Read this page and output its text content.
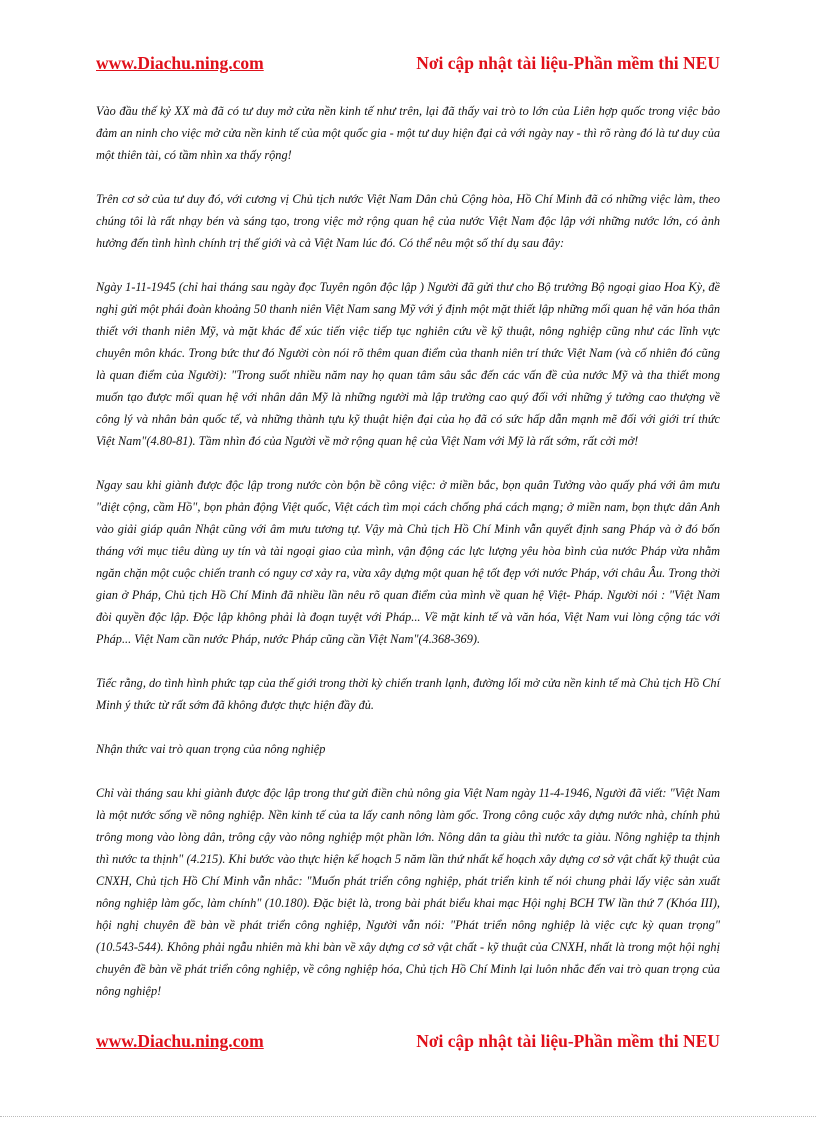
www.Diachu.ning.com	Nơi cập nhật tài liệu-Phần mềm thi NEU

Vào đầu thế kỷ XX mà đã có tư duy mở cửa nền kinh tế như trên, lại đã thấy vai trò to lớn của Liên hợp quốc trong việc bảo đảm an ninh cho việc mở cửa nền kinh tế của một quốc gia - một tư duy hiện đại cả với ngày nay - thì rõ ràng đó là tư duy của một thiên tài, có tầm nhìn xa thấy rộng!

Trên cơ sở của tư duy đó, với cương vị Chủ tịch nước Việt Nam Dân chủ Cộng hòa, Hồ Chí Minh đã có những việc làm, theo chúng tôi là rất nhạy bén và sáng tạo, trong việc mở rộng quan hệ của nước Việt Nam độc lập với những nước lớn, có ảnh hưởng đến tình hình chính trị thế giới và cả Việt Nam lúc đó. Có thể nêu một số thí dụ sau đây:

Ngày 1-11-1945 (chỉ hai tháng sau ngày đọc Tuyên ngôn độc lập ) Người đã gửi thư cho Bộ trưởng Bộ ngoại giao Hoa Kỳ, đề nghị gửi một phái đoàn khoảng 50 thanh niên Việt Nam sang Mỹ với ý định một mặt thiết lập những mối quan hệ văn hóa thân thiết với thanh niên Mỹ, và mặt khác để xúc tiến việc tiếp tục nghiên cứu về kỹ thuật, nông nghiệp cũng như các lĩnh vực chuyên môn khác. Trong bức thư đó Người còn nói rõ thêm quan điểm của thanh niên trí thức Việt Nam (và cố nhiên đó cũng là quan điểm của Người): "Trong suốt nhiều năm nay họ quan tâm sâu sắc đến các vấn đề của nước Mỹ và tha thiết mong muốn tạo được mối quan hệ với nhân dân Mỹ là những người mà lập trường cao quý đối với những ý tưởng cao thượng về công lý và nhân bản quốc tế, và những thành tựu kỹ thuật hiện đại của họ đã có sức hấp dẫn mạnh mẽ đối với giới trí thức Việt Nam"(4.80-81). Tầm nhìn đó của Người về mở rộng quan hệ của Việt Nam với Mỹ là rất sớm, rất cởi mở!

Ngay sau khi giành được độc lập trong nước còn bộn bề công việc: ở miền bắc, bọn quân Tưởng vào quấy phá với âm mưu "diệt cộng, cầm Hồ", bọn phản động Việt quốc, Việt cách tìm mọi cách chống phá cách mạng; ở miền nam, bọn thực dân Anh vào giải giáp quân Nhật cũng với âm mưu tương tự. Vậy mà Chủ tịch Hồ Chí Minh vẫn quyết định sang Pháp và ở đó bốn tháng với mục tiêu dùng uy tín và tài ngoại giao của mình, vận động các lực lượng yêu hòa bình của nước Pháp vừa nhằm ngăn chặn một cuộc chiến tranh có nguy cơ xảy ra, vừa xây dựng một quan hệ tốt đẹp với nước Pháp, với châu Âu. Trong thời gian ở Pháp, Chủ tịch Hồ Chí Minh đã nhiều lần nêu rõ quan điểm của mình về quan hệ Việt- Pháp. Người nói : "Việt Nam đòi quyền độc lập. Độc lập không phải là đoạn tuyệt với Pháp... Về mặt kinh tế và văn hóa, Việt Nam vui lòng cộng tác với Pháp... Việt Nam cần nước Pháp, nước Pháp cũng cần Việt Nam"(4.368-369).

Tiếc rằng, do tình hình phức tạp của thế giới trong thời kỳ chiến tranh lạnh, đường lối mở cửa nền kinh tế mà Chủ tịch Hồ Chí Minh ý thức từ rất sớm đã không được thực hiện đầy đủ.

Nhận thức vai trò quan trọng của nông nghiệp

Chỉ vài tháng sau khi giành được độc lập trong thư gửi điền chủ nông gia Việt Nam ngày 11-4-1946, Người đã viết: "Việt Nam là một nước sống về nông nghiệp. Nền kinh tế của ta lấy canh nông làm gốc. Trong công cuộc xây dựng nước nhà, chính phủ trông mong vào lòng dân, trông cậy vào nông nghiệp một phần lớn. Nông dân ta giàu thì nước ta giàu. Nông nghiệp ta thịnh thì nước ta thịnh" (4.215). Khi bước vào thực hiện kế hoạch 5 năm lần thứ nhất kế hoạch xây dựng cơ sở vật chất kỹ thuật của CNXH, Chủ tịch Hồ Chí Minh vẫn nhắc: "Muốn phát triển công nghiệp, phát triển kinh tế nói chung phải lấy việc sản xuất nông nghiệp làm gốc, làm chính" (10.180). Đặc biệt là, trong bài phát biểu khai mạc Hội nghị BCH TW lần thứ 7 (Khóa III), hội nghị chuyên đề bàn về phát triển công nghiệp, Người vẫn nói: "Phát triển nông nghiệp là việc cực kỳ quan trọng" (10.543-544). Không phải ngẫu nhiên mà khi bàn về xây dựng cơ sở vật chất - kỹ thuật của CNXH, nhất là trong một hội nghị chuyên đề bàn về phát triển công nghiệp, về công nghiệp hóa, Chủ tịch Hồ Chí Minh lại luôn nhắc đến vai trò quan trọng của nông nghiệp!

www.Diachu.ning.com	Nơi cập nhật tài liệu-Phần mềm thi NEU
